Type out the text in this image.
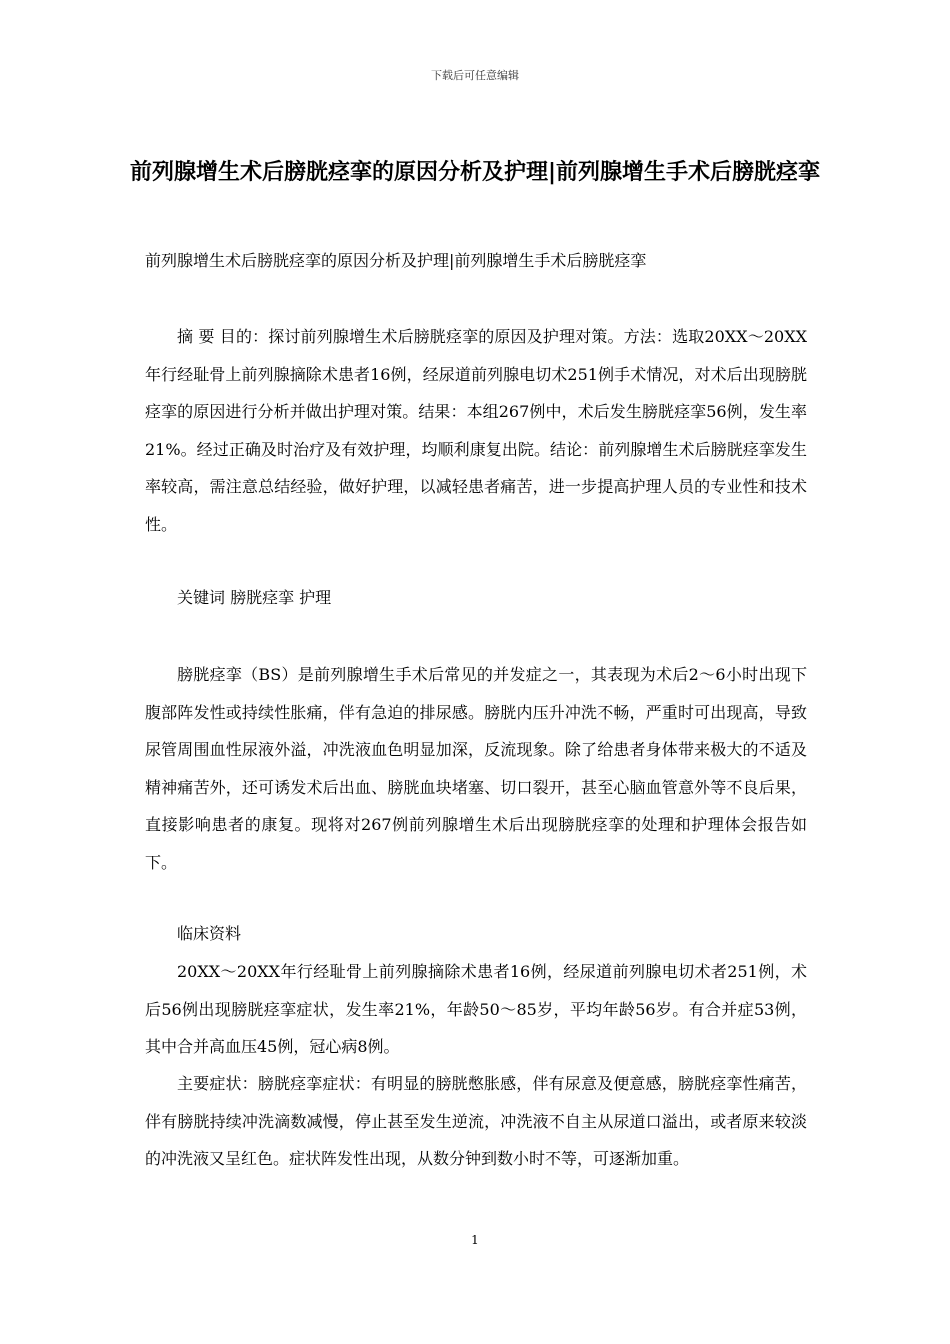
下载后可任意编辑
前列腺增生术后膀胱痉挛的原因分析及护理|前列腺增生手术后膀胱痉挛
前列腺增生术后膀胱痉挛的原因分析及护理|前列腺增生手术后膀胱痉挛
摘 要 目的：探讨前列腺增生术后膀胱痉挛的原因及护理对策。方法：选取20XX～20XX年行经耻骨上前列腺摘除术患者16例，经尿道前列腺电切术251例手术情况，对术后出现膀胱痉挛的原因进行分析并做出护理对策。结果：本组267例中，术后发生膀胱痉挛56例，发生率21%。经过正确及时治疗及有效护理，均顺利康复出院。结论：前列腺增生术后膀胱痉挛发生率较高，需注意总结经验，做好护理，以减轻患者痛苦，进一步提高护理人员的专业性和技术性。
关键词 膀胱痉挛 护理
膀胱痉挛（BS）是前列腺增生手术后常见的并发症之一，其表现为术后2～6小时出现下腹部阵发性或持续性胀痛，伴有急迫的排尿感。膀胱内压升冲洗不畅，严重时可出现高，导致尿管周围血性尿液外溢，冲洗液血色明显加深，反流现象。除了给患者身体带来极大的不适及精神痛苦外，还可诱发术后出血、膀胱血块堵塞、切口裂开，甚至心脑血管意外等不良后果，直接影响患者的康复。现将对267例前列腺增生术后出现膀胱痉挛的处理和护理体会报告如下。
临床资料
20XX～20XX年行经耻骨上前列腺摘除术患者16例，经尿道前列腺电切术者251例，术后56例出现膀胱痉挛症状，发生率21%，年龄50～85岁，平均年龄56岁。有合并症53例，其中合并高血压45例，冠心病8例。
主要症状：膀胱痉挛症状：有明显的膀胱憋胀感，伴有尿意及便意感，膀胱痉挛性痛苦，伴有膀胱持续冲洗滴数减慢，停止甚至发生逆流，冲洗液不自主从尿道口溢出，或者原来较淡的冲洗液又呈红色。症状阵发性出现，从数分钟到数小时不等，可逐渐加重。
1
